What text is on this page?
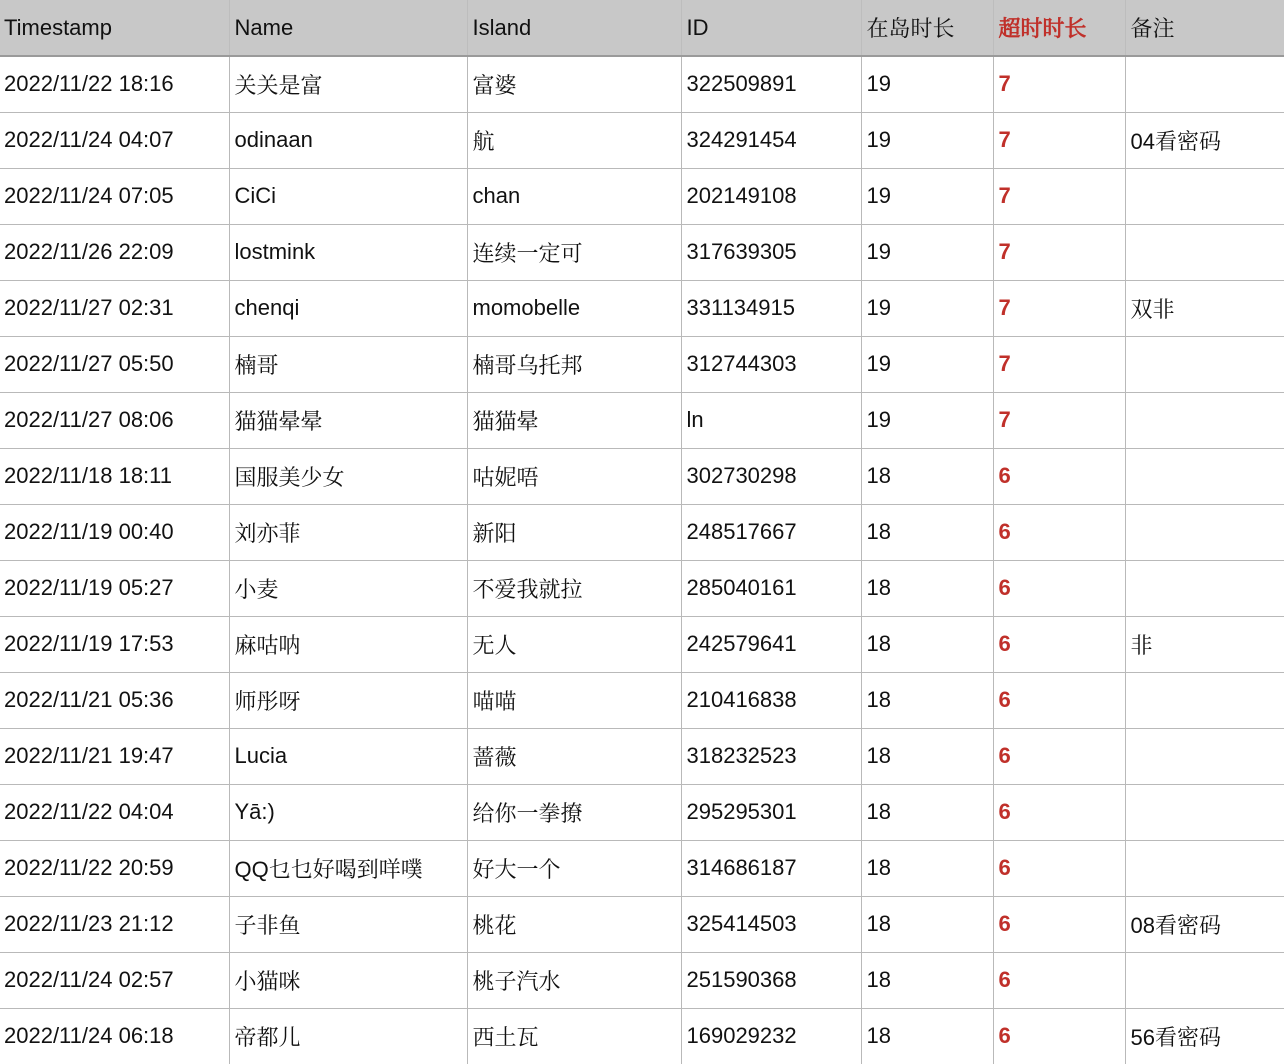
Timestamp	Name	Island	ID	在岛时长	超时时长	备注
2022/11/22 18:16	关关是富	富婆	322509891	19	7	
2022/11/24 04:07	odinaan	航	324291454	19	7	04看密码
2022/11/24 07:05	CiCi	chan	202149108	19	7	
2022/11/26 22:09	lostmink	连续一定可	317639305	19	7	
2022/11/27 02:31	chenqi	momobelle	331134915	19	7	双非
2022/11/27 05:50	楠哥	楠哥乌托邦	312744303	19	7	
2022/11/27 08:06	猫猫晕晕	猫猫晕	ln	19	7	
2022/11/18 18:11	国服美少女	咕妮唔	302730298	18	6	
2022/11/19 00:40	刘亦菲	新阳	248517667	18	6	
2022/11/19 05:27	小麦	不爱我就拉	285040161	18	6	
2022/11/19 17:53	麻咕呐	无人	242579641	18	6	非
2022/11/21 05:36	师彤呀	喵喵	210416838	18	6	
2022/11/21 19:47	Lucia	蔷薇	318232523	18	6	
2022/11/22 04:04	Yā:)	给你一拳撩	295295301	18	6	
2022/11/22 20:59	QQ乜乜好喝到咩噗	好大一个	314686187	18	6	
2022/11/23 21:12	子非鱼	桃花	325414503	18	6	08看密码
2022/11/24 02:57	小猫咪	桃子汽水	251590368	18	6	
2022/11/24 06:18	帝都儿	西土瓦	169029232	18	6	56看密码
